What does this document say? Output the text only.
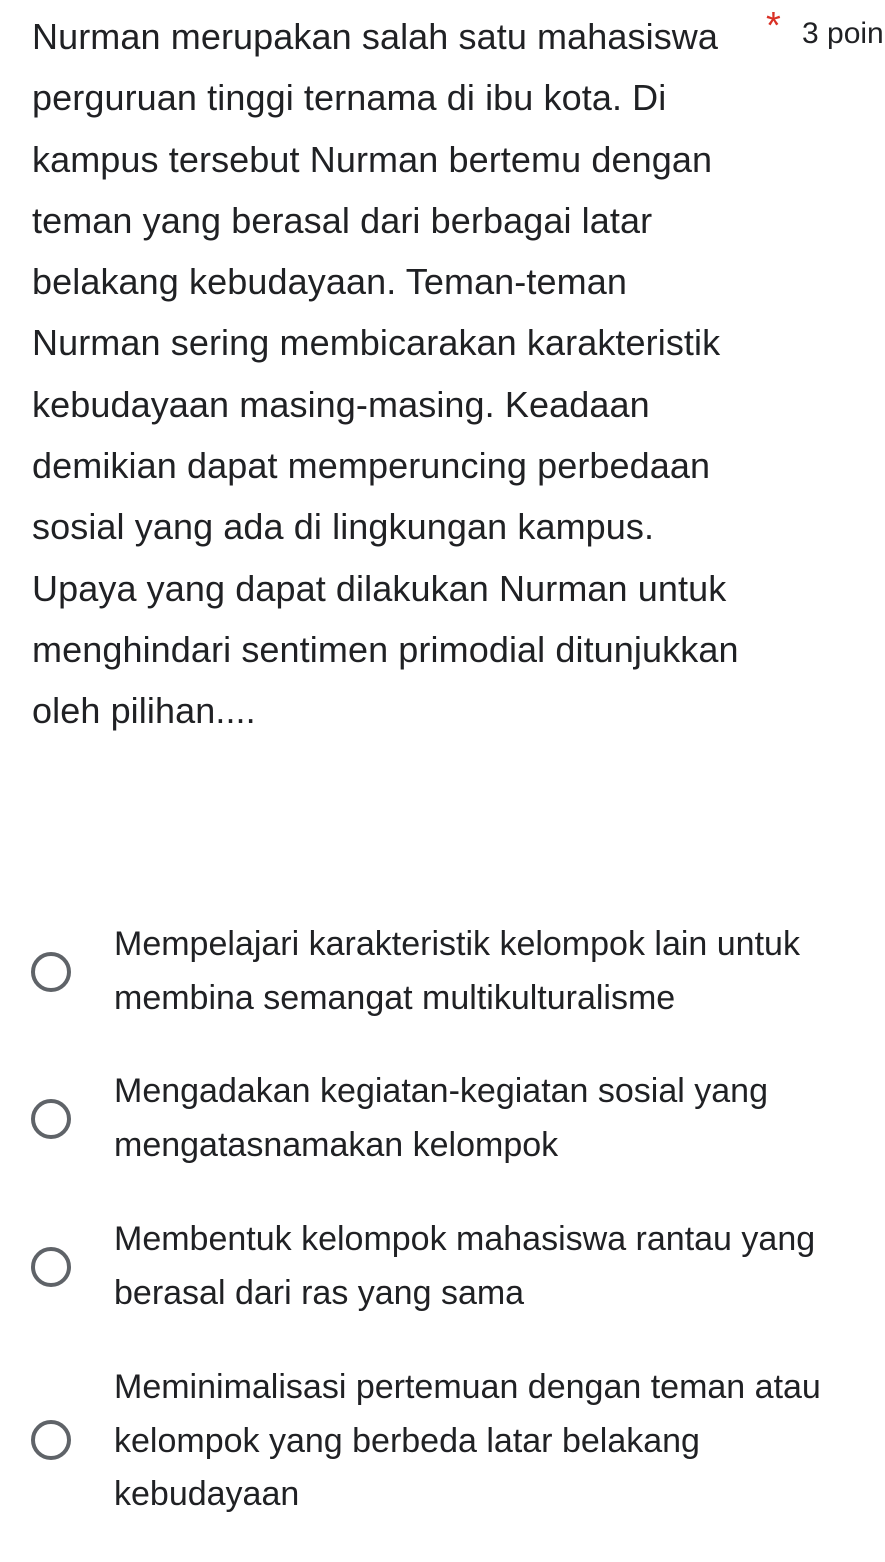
Nurman merupakan salah satu mahasiswa perguruan tinggi ternama di ibu kota. Di kampus tersebut Nurman bertemu dengan teman yang berasal dari berbagai latar belakang kebudayaan. Teman-teman Nurman sering membicarakan karakteristik kebudayaan masing-masing. Keadaan demikian dapat memperuncing perbedaan sosial yang ada di lingkungan kampus. Upaya yang dapat dilakukan Nurman untuk menghindari sentimen primodial ditunjukkan oleh pilihan....

* 3 poin

Mempelajari karakteristik kelompok lain untuk membina semangat multikulturalisme

Mengadakan kegiatan-kegiatan sosial yang mengatasnamakan kelompok

Membentuk kelompok mahasiswa rantau yang berasal dari ras yang sama

Meminimalisasi pertemuan dengan teman atau kelompok yang berbeda latar belakang kebudayaan
